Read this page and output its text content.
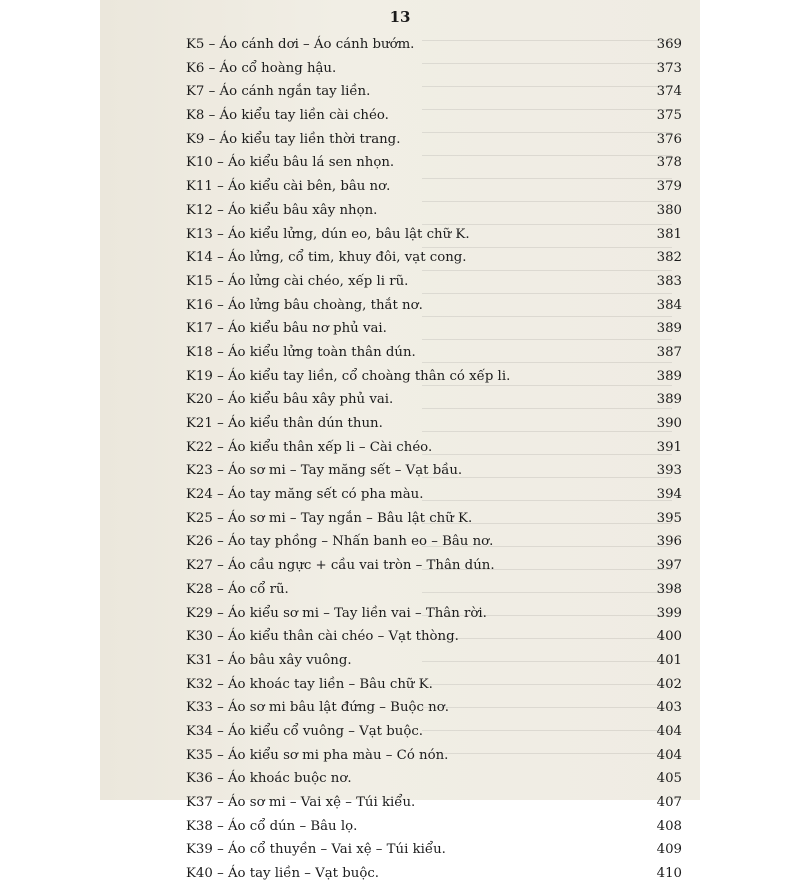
13
K5 – Áo cánh dơi – Áo cánh bướm.	369
K6 – Áo cổ hoàng hậu.	373
K7 – Áo cánh ngắn tay liền.	374
K8 – Áo kiểu tay liền cài chéo.	375
K9 – Áo kiểu tay liền thời trang.	376
K10 – Áo kiểu bâu lá sen nhọn.	378
K11 – Áo kiểu cài bên, bâu nơ.	379
K12 – Áo kiểu bâu xây nhọn.	380
K13 – Áo kiểu lửng, dún eo, bâu lật chữ K.	381
K14 – Áo lửng, cổ tim, khuy đôi, vạt cong.	382
K15 – Áo lửng cài chéo, xếp li rũ.	383
K16 – Áo lửng bâu choàng, thắt nơ.	384
K17 – Áo kiểu bâu nơ phủ vai.	389
K18 – Áo kiểu lửng toàn thân dún.	387
K19 – Áo kiểu tay liền, cổ choàng thân có xếp li.	389
K20 – Áo kiểu bâu xây phủ vai.	389
K21 – Áo kiểu thân dún thun.	390
K22 – Áo kiểu thân xếp li – Cài chéo.	391
K23 – Áo sơ mi – Tay măng sết – Vạt bầu.	393
K24 – Áo tay măng sết có pha màu.	394
K25 – Áo sơ mi – Tay ngắn – Bâu lật chữ K.	395
K26 – Áo tay phồng – Nhấn banh eo – Bâu nơ.	396
K27 – Áo cầu ngực + cầu vai tròn – Thân dún.	397
K28 – Áo cổ rũ.	398
K29 – Áo kiểu sơ mi – Tay liền vai – Thân rời.	399
K30 – Áo kiểu thân cài chéo – Vạt thòng.	400
K31 – Áo bâu xây vuông.	401
K32 – Áo khoác tay liền – Bâu chữ K.	402
K33 – Áo sơ mi bâu lật đứng – Buộc nơ.	403
K34 – Áo kiểu cổ vuông – Vạt buộc.	404
K35 – Áo kiểu sơ mi pha màu – Có nón.	404
K36 – Áo khoác buộc nơ.	405
K37 – Áo sơ mi – Vai xệ – Túi kiểu.	407
K38 – Áo cổ dún – Bâu lọ.	408
K39 – Áo cổ thuyền – Vai xệ – Túi kiểu.	409
K40 – Áo tay liền – Vạt buộc.	410
